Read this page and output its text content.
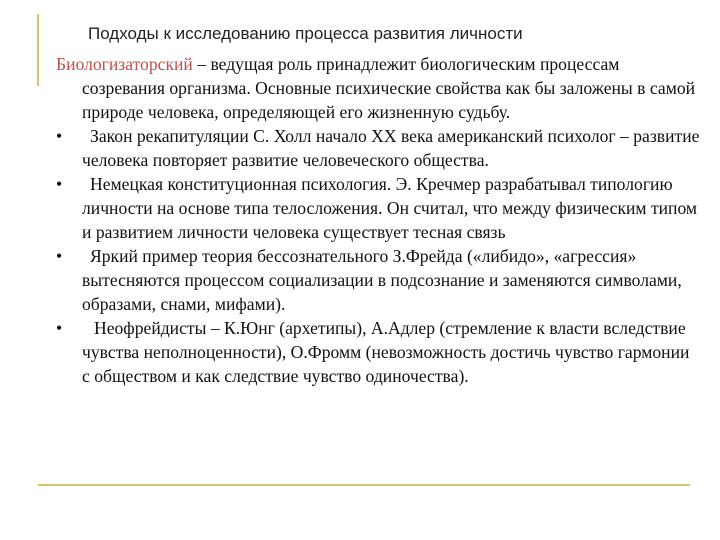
Подходы к исследованию процесса развития личности

Биологизаторский – ведущая роль принадлежит биологическим процессам созревания организма. Основные психические свойства как бы заложены в самой природе человека, определяющей его жизненную судьбу.

• Закон рекапитуляции С. Холл начало XX века американский психолог – развитие человека повторяет развитие человеческого общества.

• Немецкая конституционная психология. Э. Кречмер разрабатывал типологию личности на основе типа телосложения. Он считал, что между физическим типом и развитием личности человека существует тесная связь

• Яркий пример теория бессознательного З.Фрейда («либидо», «агрессия» вытесняются процессом социализации в подсознание и заменяются символами, образами, снами, мифами).

• Неофрейдисты – К.Юнг (архетипы), А.Адлер (стремление к власти вследствие чувства неполноценности), О.Фромм (невозможность достичь чувство гармонии с обществом и как следствие чувство одиночества).
